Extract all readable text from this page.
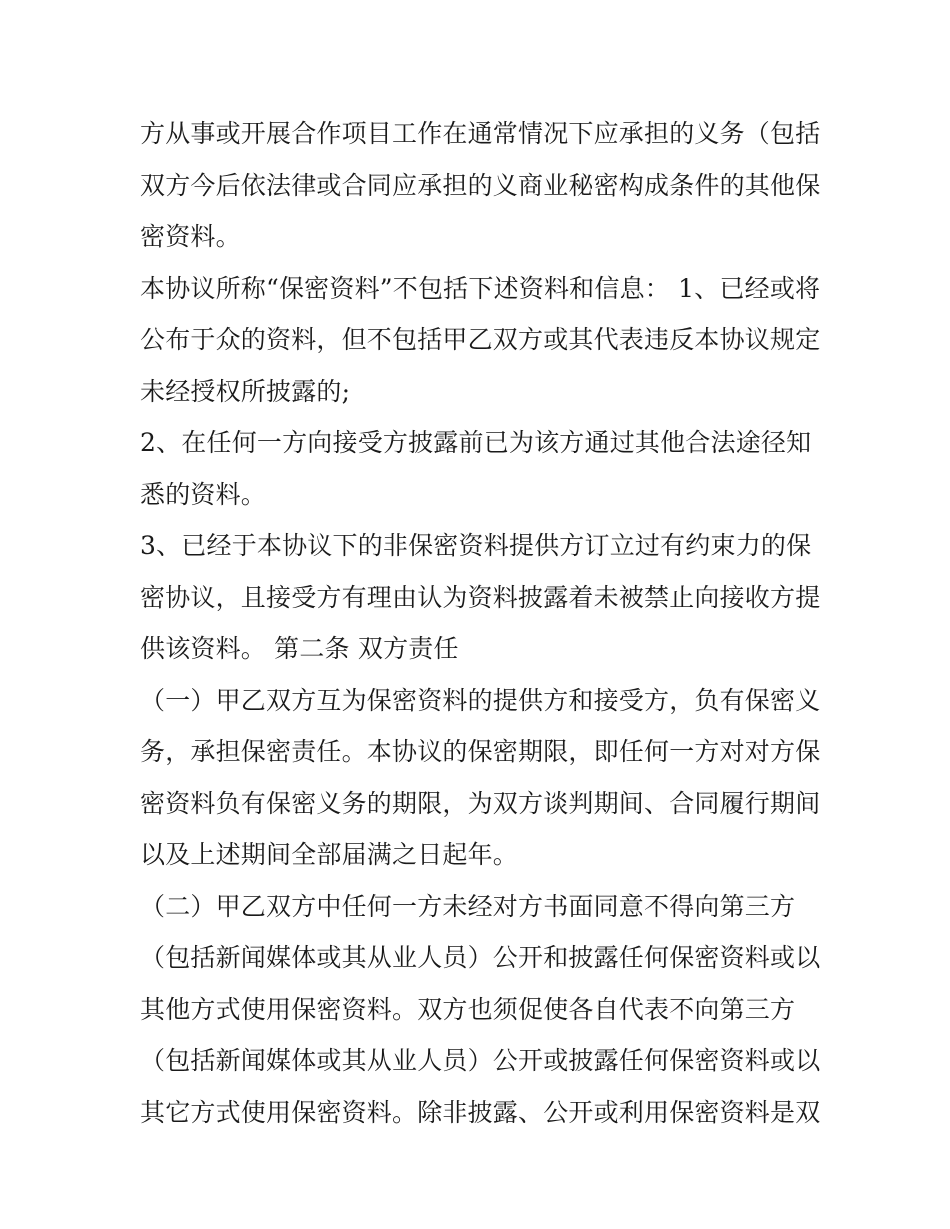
方从事或开展合作项目工作在通常情况下应承担的义务（包括
双方今后依法律或合同应承担的义商业秘密构成条件的其他保
密资料。
本协议所称“保密资料”不包括下述资料和信息： 1、已经或将
公布于众的资料，但不包括甲乙双方或其代表违反本协议规定
未经授权所披露的;
2、在任何一方向接受方披露前已为该方通过其他合法途径知
悉的资料。
3、已经于本协议下的非保密资料提供方订立过有约束力的保
密协议，且接受方有理由认为资料披露着未被禁止向接收方提
供该资料。 第二条 双方责任
（一）甲乙双方互为保密资料的提供方和接受方，负有保密义
务，承担保密责任。本协议的保密期限，即任何一方对对方保
密资料负有保密义务的期限，为双方谈判期间、合同履行期间
以及上述期间全部届满之日起年。
（二）甲乙双方中任何一方未经对方书面同意不得向第三方
（包括新闻媒体或其从业人员）公开和披露任何保密资料或以
其他方式使用保密资料。双方也须促使各自代表不向第三方
（包括新闻媒体或其从业人员）公开或披露任何保密资料或以
其它方式使用保密资料。除非披露、公开或利用保密资料是双
